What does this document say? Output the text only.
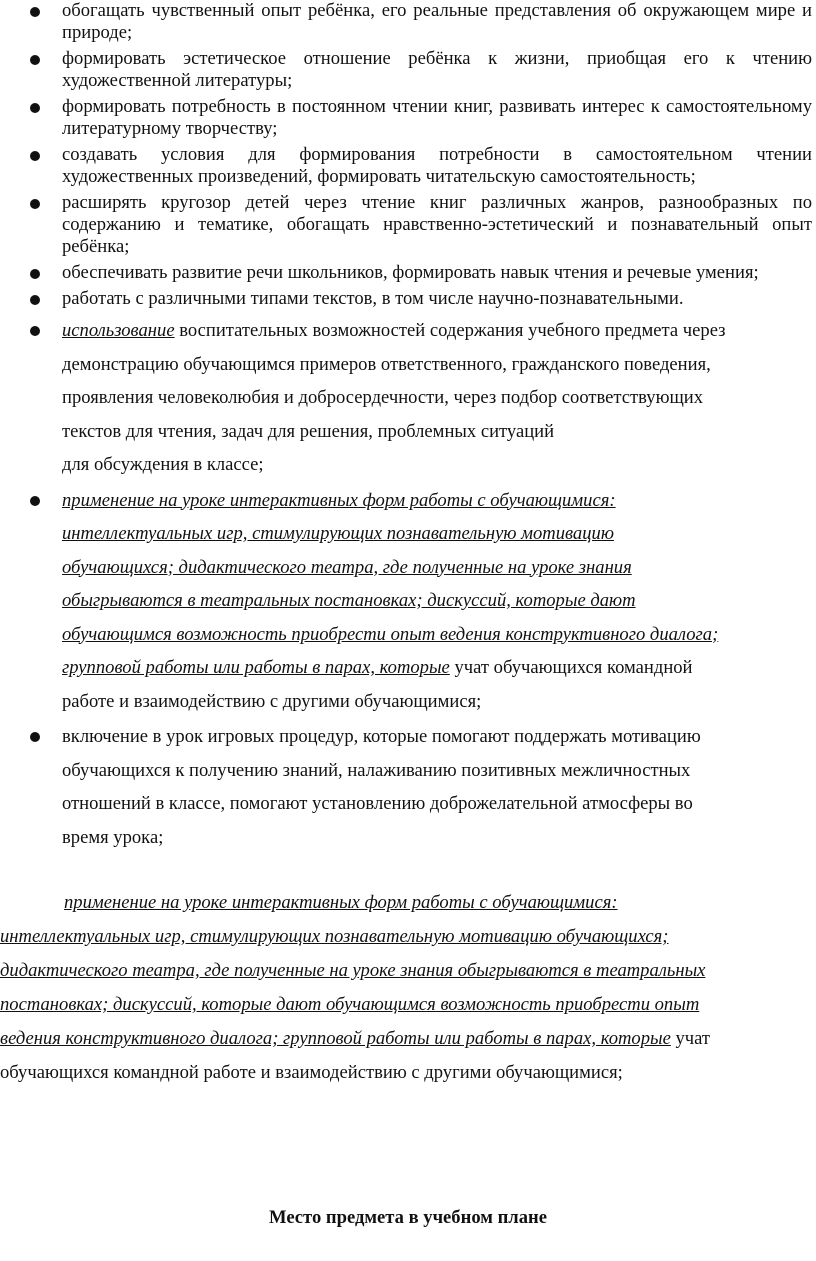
обогащать чувственный опыт ребёнка, его реальные представления об окружающем мире и природе;
формировать эстетическое отношение ребёнка к жизни, приобщая его к чтению художественной литературы;
формировать потребность в постоянном чтении книг, развивать интерес к самостоятельному литературному творчеству;
создавать условия для формирования потребности в самостоятельном чтении художественных произведений, формировать читательскую самостоятельность;
расширять кругозор детей через чтение книг различных жанров, разнообразных по содержанию и тематике, обогащать нравственно-эстетический и познавательный опыт ребёнка;
обеспечивать развитие речи школьников, формировать навык чтения и речевые умения;
работать с различными типами текстов, в том числе научно-познавательными.
использование воспитательных возможностей содержания учебного предмета через
демонстрацию обучающимся примеров ответственного, гражданского поведения,
проявления человеколюбия и добросердечности, через подбор соответствующих
текстов для чтения, задач для решения, проблемных ситуаций
для обсуждения в классе;
применение на уроке интерактивных форм работы с обучающимися:
интеллектуальных игр, стимулирующих познавательную мотивацию
обучающихся; дидактического театра, где полученные на уроке знания
обыгрываются в театральных постановках; дискуссий, которые дают
обучающимся возможность приобрести опыт ведения конструктивного диалога;
групповой работы или работы в парах, которые учат обучающихся командной
работе и взаимодействию с другими обучающимися;
включение в урок игровых процедур, которые помогают поддержать мотивацию
обучающихся к получению знаний, налаживанию позитивных межличностных
отношений в классе, помогают установлению доброжелательной атмосферы во
время урока;

применение на уроке интерактивных форм работы с обучающимися:
интеллектуальных игр, стимулирующих познавательную мотивацию обучающихся;
дидактического театра, где полученные на уроке знания обыгрываются в театральных
постановках; дискуссий, которые дают обучающимся возможность приобрести опыт
ведения конструктивного диалога; групповой работы или работы в парах, которые учат
обучающихся командной работе и взаимодействию с другими обучающимися;

Место предмета в учебном плане
